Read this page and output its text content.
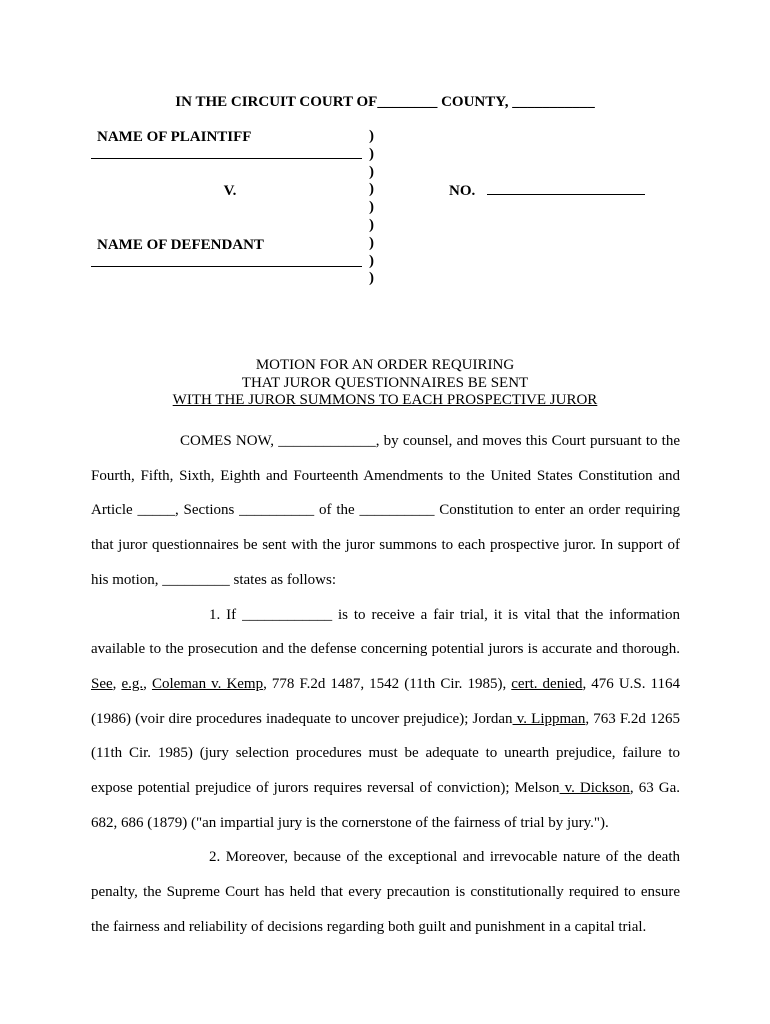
IN THE CIRCUIT COURT OF________ COUNTY, ___________
NAME OF PLAINTIFF
V.
NAME OF DEFENDANT
)
)
)
)
)
)
)
)
)
NO.
MOTION FOR AN ORDER REQUIRING
THAT JUROR QUESTIONNAIRES BE SENT
WITH THE JUROR SUMMONS TO EACH PROSPECTIVE JUROR

COMES NOW, _____________, by counsel, and moves this Court pursuant to the Fourth, Fifth, Sixth, Eighth and Fourteenth Amendments to the United States Constitution and Article _____, Sections __________ of the __________ Constitution to enter an order requiring that juror questionnaires be sent with the juror summons to each prospective juror. In support of his motion, _________ states as follows:

1. If ____________ is to receive a fair trial, it is vital that the information available to the prosecution and the defense concerning potential jurors is accurate and thorough. See, e.g., Coleman v. Kemp, 778 F.2d 1487, 1542 (11th Cir. 1985), cert. denied, 476 U.S. 1164 (1986) (voir dire procedures inadequate to uncover prejudice); Jordan v. Lippman, 763 F.2d 1265 (11th Cir. 1985) (jury selection procedures must be adequate to unearth prejudice, failure to expose potential prejudice of jurors requires reversal of conviction); Melson v. Dickson, 63 Ga. 682, 686 (1879) ("an impartial jury is the cornerstone of the fairness of trial by jury.").

2. Moreover, because of the exceptional and irrevocable nature of the death penalty, the Supreme Court has held that every precaution is constitutionally required to ensure the fairness and reliability of decisions regarding both guilt and punishment in a capital trial.
